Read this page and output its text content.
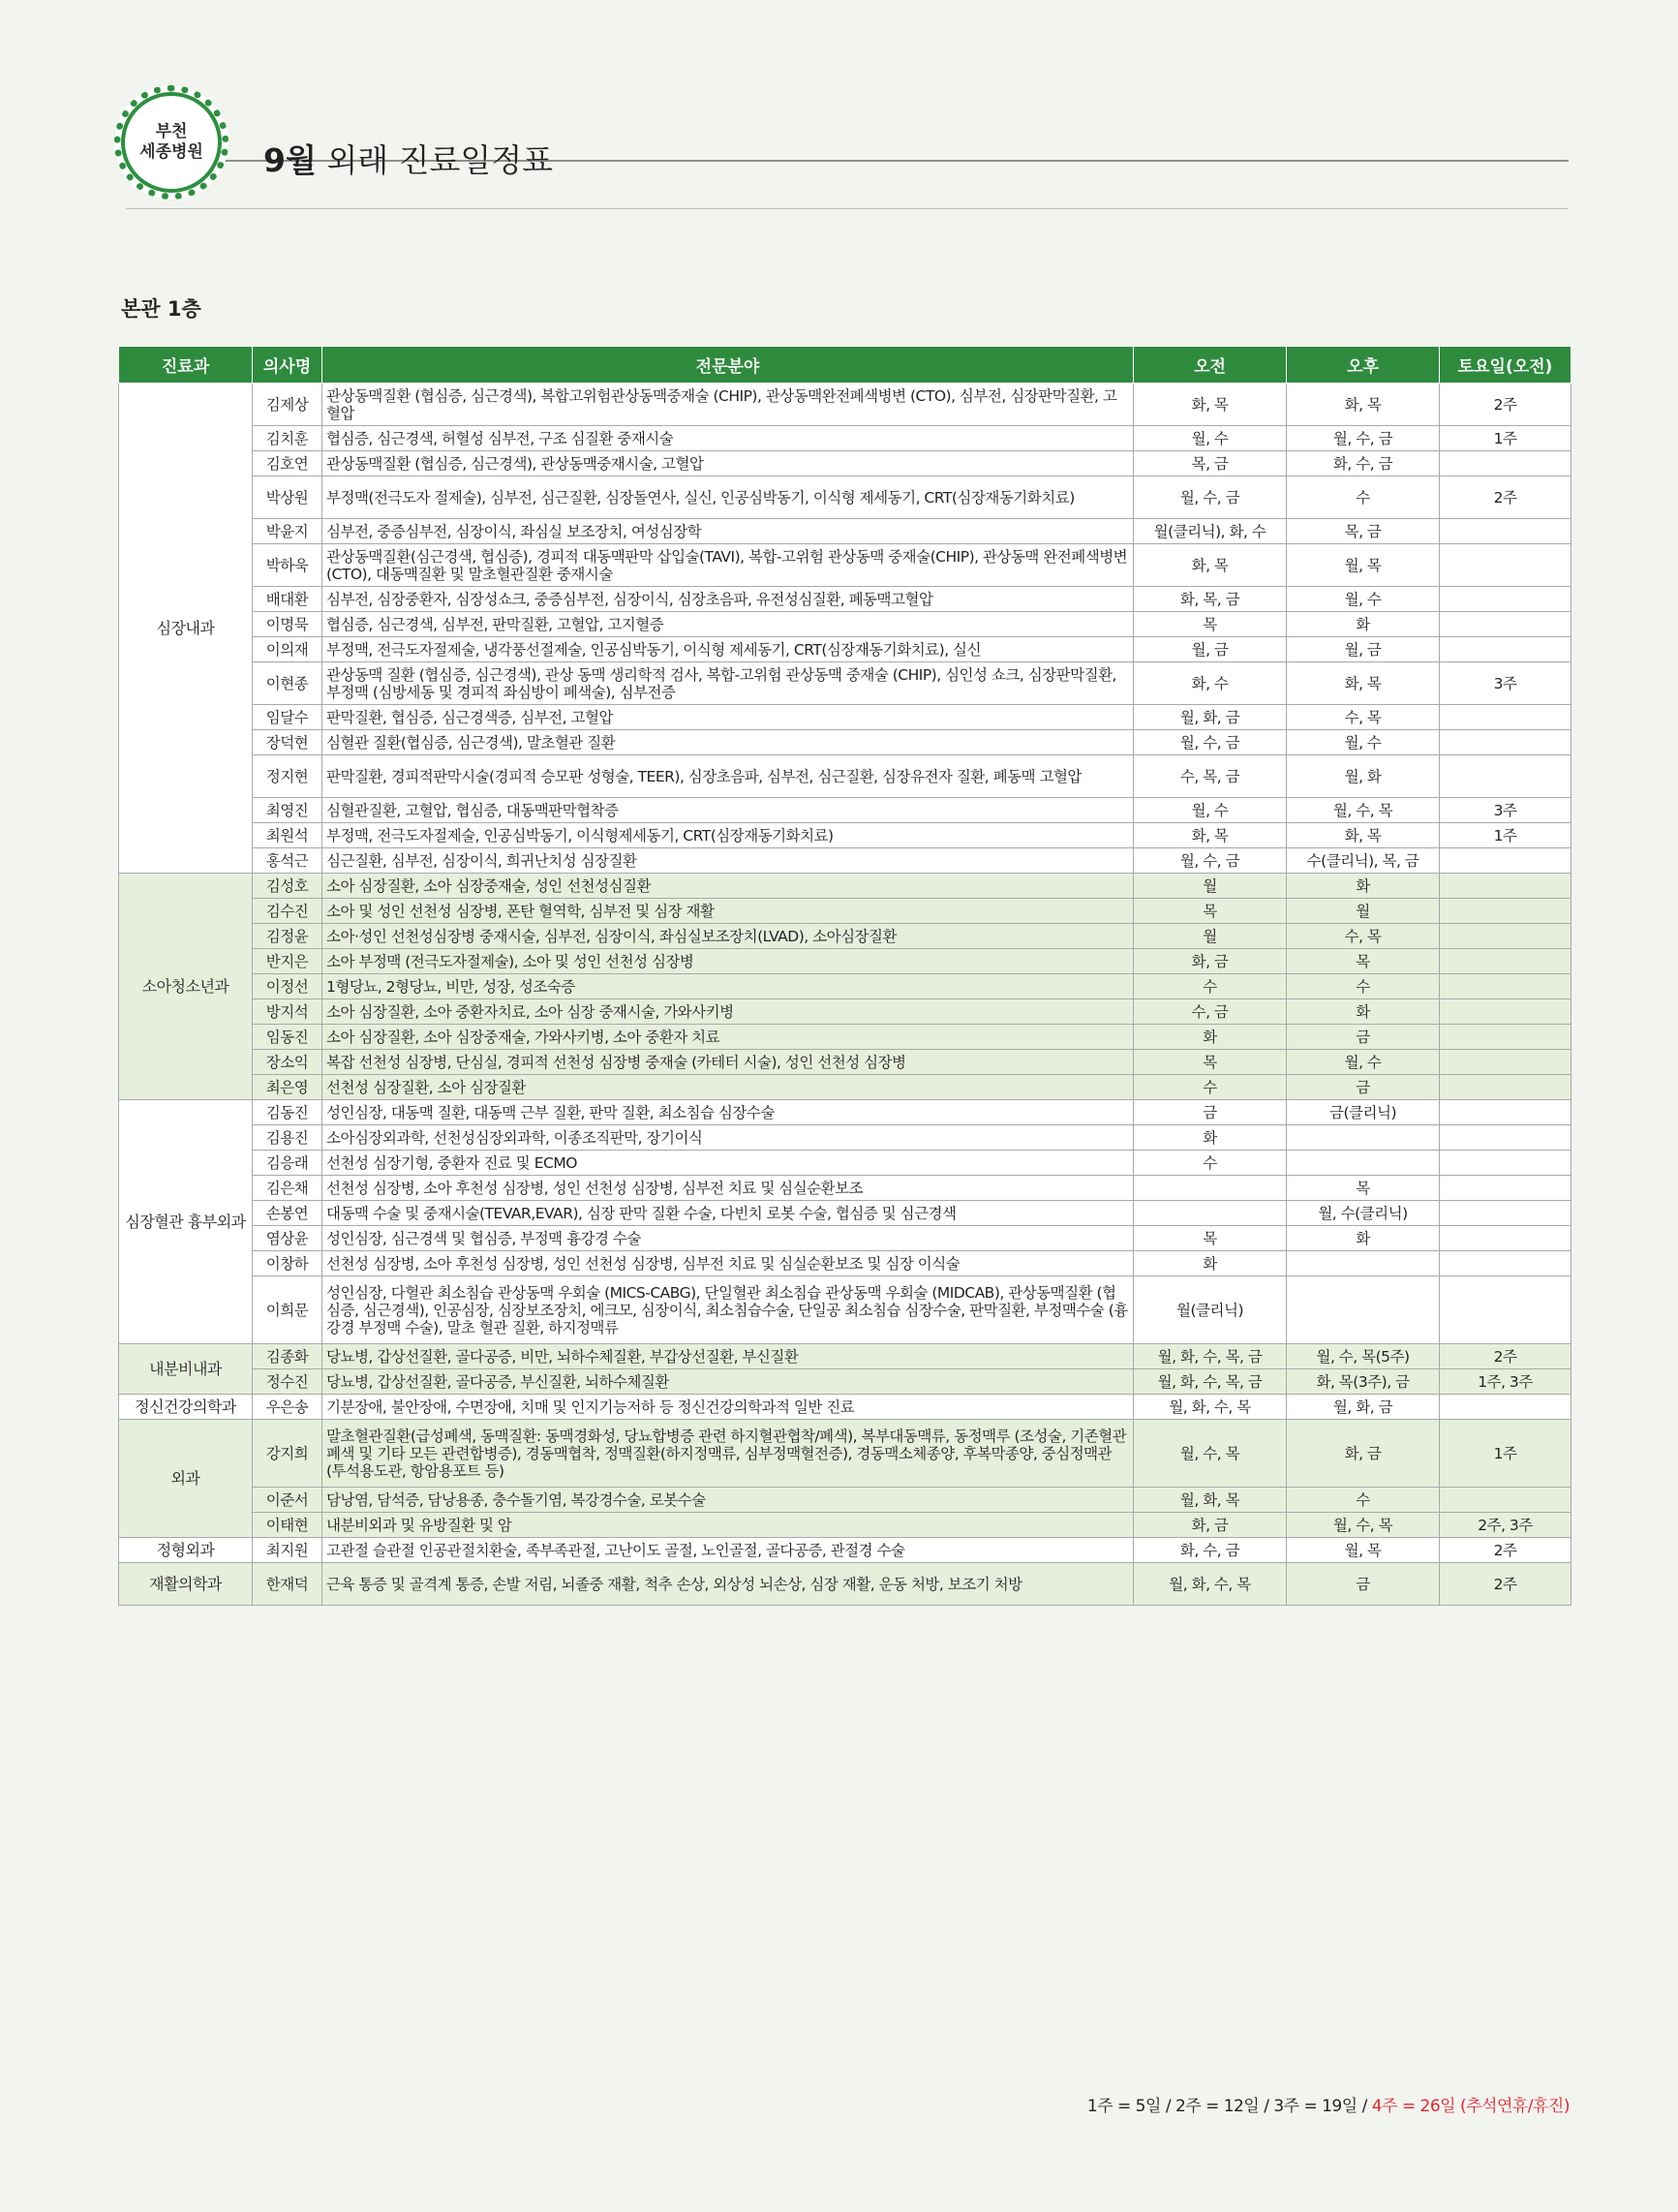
부천
세종병원 9월 외래 진료일정표
본관 1층
진료과	의사명	전문분야	오전	오후	토요일(오전)
심장내과	김제상	관상동맥질환 (협심증, 심근경색), 복합고위험관상동맥중재술 (CHIP), 관상동맥완전폐색병변 (CTO), 심부전, 심장판막질환, 고혈압	화, 목	화, 목	2주
	김치훈	협심증, 심근경색, 허혈성 심부전, 구조 심질환 중재시술	월, 수	월, 수, 금	1주
	김호연	관상동맥질환 (협심증, 심근경색), 관상동맥중재시술, 고혈압	목, 금	화, 수, 금	
	박상원	부정맥(전극도자 절제술), 심부전, 심근질환, 심장돌연사, 실신, 인공심박동기, 이식형 제세동기, CRT(심장재동기화치료)	월, 수, 금	수	2주
	박윤지	심부전, 중증심부전, 심장이식, 좌심실 보조장치, 여성심장학	월(클리닉), 화, 수	목, 금	
	박하욱	관상동맥질환(심근경색, 협심증), 경피적 대동맥판막 삽입술(TAVI), 복합-고위험 관상동맥 중재술(CHIP), 관상동맥 완전폐색병변(CTO), 대동맥질환 및 말초혈관질환 중재시술	화, 목	월, 목	
	배대환	심부전, 심장중환자, 심장성쇼크, 중증심부전, 심장이식, 심장초음파, 유전성심질환, 폐동맥고혈압	화, 목, 금	월, 수	
	이명묵	협심증, 심근경색, 심부전, 판막질환, 고혈압, 고지혈증	목	화	
	이의재	부정맥, 전극도자절제술, 냉각풍선절제술, 인공심박동기, 이식형 제세동기, CRT(심장재동기화치료), 실신	월, 금	월, 금	
	이현종	관상동맥 질환 (협심증, 심근경색), 관상 동맥 생리학적 검사, 복합-고위험 관상동맥 중재술 (CHIP), 심인성 쇼크, 심장판막질환, 부정맥 (심방세동 및 경피적 좌심방이 폐색술), 심부전증	화, 수	화, 목	3주
	임달수	판막질환, 협심증, 심근경색증, 심부전, 고혈압	월, 화, 금	수, 목	
	장덕현	심혈관 질환(협심증, 심근경색), 말초혈관 질환	월, 수, 금	월, 수	
	정지현	판막질환, 경피적판막시술(경피적 승모판 성형술, TEER), 심장초음파, 심부전, 심근질환, 심장유전자 질환, 폐동맥 고혈압	수, 목, 금	월, 화	
	최영진	심혈관질환, 고혈압, 협심증, 대동맥판막협착증	월, 수	월, 수, 목	3주
	최원석	부정맥, 전극도자절제술, 인공심박동기, 이식형제세동기, CRT(심장재동기화치료)	화, 목	화, 목	1주
	홍석근	심근질환, 심부전, 심장이식, 희귀난치성 심장질환	월, 수, 금	수(클리닉), 목, 금	
소아청소년과	김성호	소아 심장질환, 소아 심장중재술, 성인 선천성심질환	월	화	
	김수진	소아 및 성인 선천성 심장병, 폰탄 혈역학, 심부전 및 심장 재활	목	월	
	김정윤	소아·성인 선천성심장병 중재시술, 심부전, 심장이식, 좌심실보조장치(LVAD), 소아심장질환	월	수, 목	
	반지은	소아 부정맥 (전극도자절제술), 소아 및 성인 선천성 심장병	화, 금	목	
	이정선	1형당뇨, 2형당뇨, 비만, 성장, 성조숙증	수	수	
	방지석	소아 심장질환, 소아 중환자치료, 소아 심장 중재시술, 가와사키병	수, 금	화	
	임동진	소아 심장질환, 소아 심장중재술, 가와사키병, 소아 중환자 치료	화	금	
	장소익	복잡 선천성 심장병, 단심실, 경피적 선천성 심장병 중재술 (카테터 시술), 성인 선천성 심장병	목	월, 수	
	최은영	선천성 심장질환, 소아 심장질환	수	금	
심장혈관 흉부외과	김동진	성인심장, 대동맥 질환, 대동맥 근부 질환, 판막 질환, 최소침습 심장수술	금	금(클리닉)	
	김용진	소아심장외과학, 선천성심장외과학, 이종조직판막, 장기이식	화		
	김응래	선천성 심장기형, 중환자 진료 및 ECMO	수		
	김은채	선천성 심장병, 소아 후천성 심장병, 성인 선천성 심장병, 심부전 치료 및 심실순환보조		목	
	손봉연	대동맥 수술 및 중재시술(TEVAR,EVAR), 심장 판막 질환 수술, 다빈치 로봇 수술, 협심증 및 심근경색		월, 수(클리닉)	
	염상윤	성인심장, 심근경색 및 협심증, 부정맥 흉강경 수술	목	화	
	이창하	선천성 심장병, 소아 후천성 심장병, 성인 선천성 심장병, 심부전 치료 및 심실순환보조 및 심장 이식술	화		
	이희문	성인심장, 다혈관 최소침습 관상동맥 우회술 (MICS-CABG), 단일혈관 최소침습 관상동맥 우회술 (MIDCAB), 관상동맥질환 (협심증, 심근경색), 인공심장, 심장보조장치, 에크모, 심장이식, 최소침습수술, 단일공 최소침습 심장수술, 판막질환, 부정맥수술 (흉강경 부정맥 수술), 말초 혈관 질환, 하지정맥류	월(클리닉)		
내분비내과	김종화	당뇨병, 갑상선질환, 골다공증, 비만, 뇌하수체질환, 부갑상선질환, 부신질환	월, 화, 수, 목, 금	월, 수, 목(5주)	2주
	정수진	당뇨병, 갑상선질환, 골다공증, 부신질환, 뇌하수체질환	월, 화, 수, 목, 금	화, 목(3주), 금	1주, 3주
정신건강의학과	우은송	기분장애, 불안장애, 수면장애, 치매 및 인지기능저하 등 정신건강의학과적 일반 진료	월, 화, 수, 목	월, 화, 금	
외과	강지희	말초혈관질환(급성폐색, 동맥질환: 동맥경화성, 당뇨합병증 관련 하지혈관협착/폐색), 복부대동맥류, 동정맥루 (조성술, 기존혈관폐색 및 기타 모든 관련합병증), 경동맥협착, 정맥질환(하지정맥류, 심부정맥혈전증), 경동맥소체종양, 후복막종양, 중심정맥관(투석용도관, 항암용포트 등)	월, 수, 목	화, 금	1주
	이준서	담낭염, 담석증, 담낭용종, 충수돌기염, 복강경수술, 로봇수술	월, 화, 목	수	
	이태현	내분비외과 및 유방질환 및 암	화, 금	월, 수, 목	2주, 3주
정형외과	최지원	고관절 슬관절 인공관절치환술, 족부족관절, 고난이도 골절, 노인골절, 골다공증, 관절경 수술	화, 수, 금	월, 목	2주
재활의학과	한재덕	근육 통증 및 골격계 통증, 손발 저림, 뇌졸중 재활, 척추 손상, 외상성 뇌손상, 심장 재활, 운동 처방, 보조기 처방	월, 화, 수, 목	금	2주
1주 = 5일 / 2주 = 12일 / 3주 = 19일 / 4주 = 26일 (추석연휴/휴진)
